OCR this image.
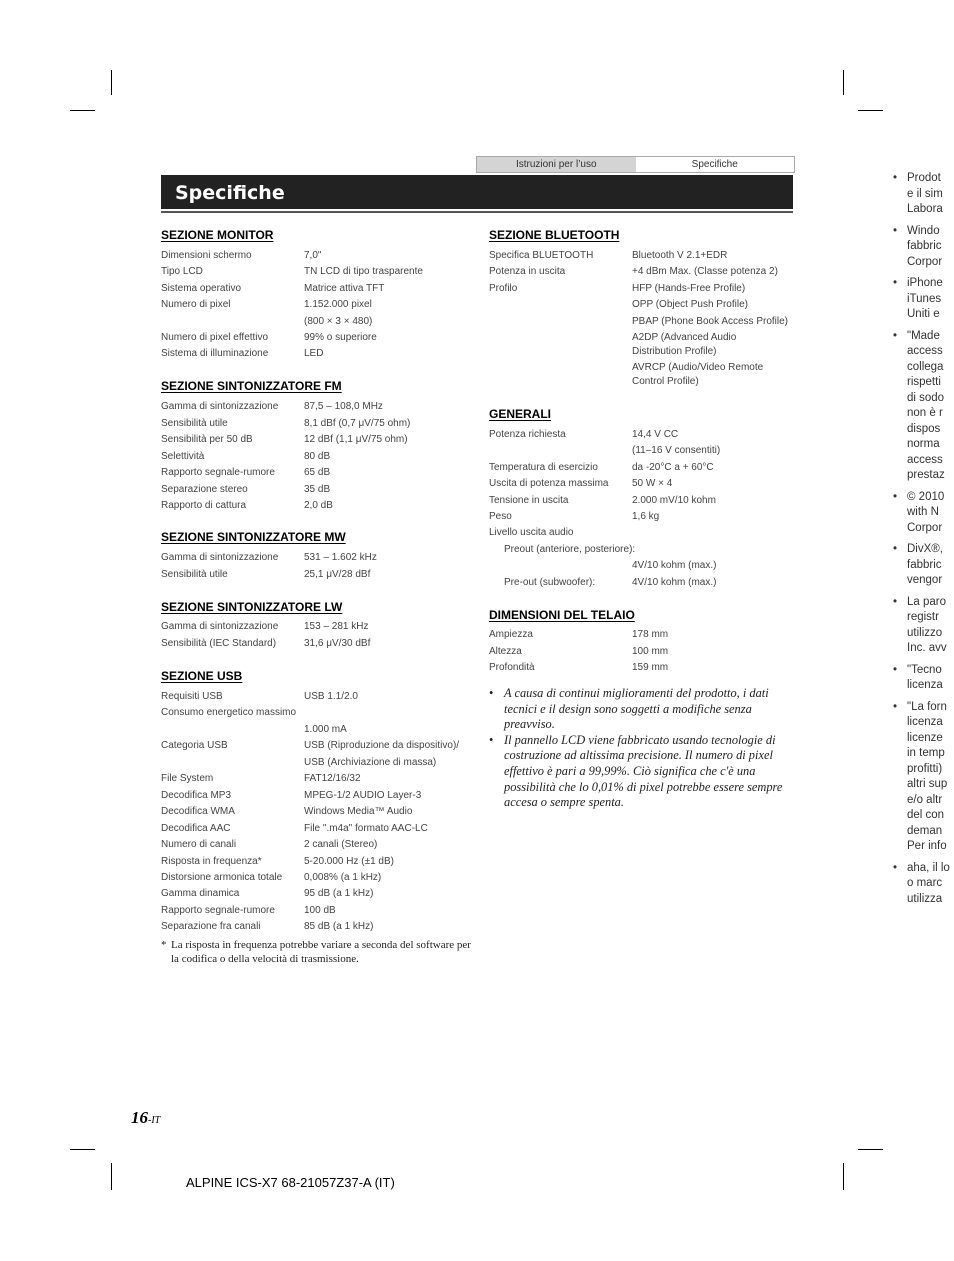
Istruzioni per l’uso	Specifiche
Specifiche
SEZIONE MONITOR
SEZIONE SINTONIZZATORE FM
SEZIONE SINTONIZZATORE MW
SEZIONE SINTONIZZATORE LW
SEZIONE USB
SEZIONE BLUETOOTH
GENERALI
DIMENSIONI DEL TELAIO
Dimensioni schermo	7,0"
Tipo LCD	TN LCD di tipo trasparente
Sistema operativo	Matrice attiva TFT
Numero di pixel	1.152.000 pixel
(800 × 3 × 480)
Numero di pixel effettivo	99% o superiore
Sistema di illuminazione	LED
Gamma di sintonizzazione	87,5 – 108,0 MHz
Sensibilità utile	8,1 dBf (0,7 μV/75 ohm)
Sensibilità per 50 dB	12 dBf (1,1 μV/75 ohm)
Selettività	80 dB
Rapporto segnale-rumore	65 dB
Separazione stereo	35 dB
Rapporto di cattura	2,0 dB
Gamma di sintonizzazione	531 – 1.602 kHz
Sensibilità utile	25,1 μV/28 dBf
Gamma di sintonizzazione	153 – 281 kHz
Sensibilità (IEC Standard)	31,6 μV/30 dBf
Requisiti USB	USB 1.1/2.0
Consumo energetico massimo
1.000 mA
Categoria USB	USB (Riproduzione da dispositivo)/
USB (Archiviazione di massa)
File System	FAT12/16/32
Decodifica MP3	MPEG-1/2 AUDIO Layer-3
Decodifica WMA	Windows Media™ Audio
Decodifica AAC	File ".m4a" formato AAC-LC
Numero di canali	2 canali (Stereo)
Risposta in frequenza*	5-20.000 Hz (±1 dB)
Distorsione armonica totale 0,008% (a 1 kHz)
Gamma dinamica	95 dB (a 1 kHz)
Rapporto segnale-rumore	100 dB
Separazione fra canali	85 dB (a 1 kHz)
Specifica BLUETOOTH	Bluetooth V 2.1+EDR
Potenza in uscita	+4 dBm Max. (Classe potenza 2)
Profilo	HFP (Hands-Free Profile)
OPP (Object Push Profile)
PBAP (Phone Book Access Profile)
A2DP (Advanced Audio
Distribution Profile)
AVRCP (Audio/Video Remote
Control Profile)
Potenza richiesta	14,4 V CC
(11–16 V consentiti)
Temperatura di esercizio	da -20°C a + 60°C
Uscita di potenza massima 50 W × 4
Tensione in uscita	2.000 mV/10 kohm
Peso	1,6 kg
Livello uscita audio
Preout (anteriore, posteriore):
4V/10 kohm (max.)
Pre-out (subwoofer):	4V/10 kohm (max.)
Ampiezza	178 mm
Altezza	100 mm
Profondità	159 mm
* La risposta in frequenza potrebbe variare a seconda del software per la codifica o della velocità di trasmissione.
• A causa di continui miglioramenti del prodotto, i dati tecnici e il design sono soggetti a modifiche senza preavviso.
• Il pannello LCD viene fabbricato usando tecnologie di costruzione ad altissima precisione. Il numero di pixel effettivo è pari a 99,99%. Ciò significa che c'è una possibilità che lo 0,01% di pixel potrebbe essere sempre accesa o sempre spenta.
16-IT
ALPINE ICS-X7 68-21057Z37-A (IT)
• Prodot
e il sim
Labora
• Windo
fabbric
Corpor
• iPhone
iTunes
Uniti e
• "Made
access
collega
rispetti
di sodo
non è r
dispos
norma
access
prestaz
• © 2010
with N
Corpor
• DivX®,
fabbric
vengor
• La paro
registr
utilizzo
Inc. avv
• "Tecno
licenza
• "La forn
licenza
licenze
in temp
profitti)
altri sup
e/o altr
del con
deman
Per info
• aha, il lo
o marc
utilizza
